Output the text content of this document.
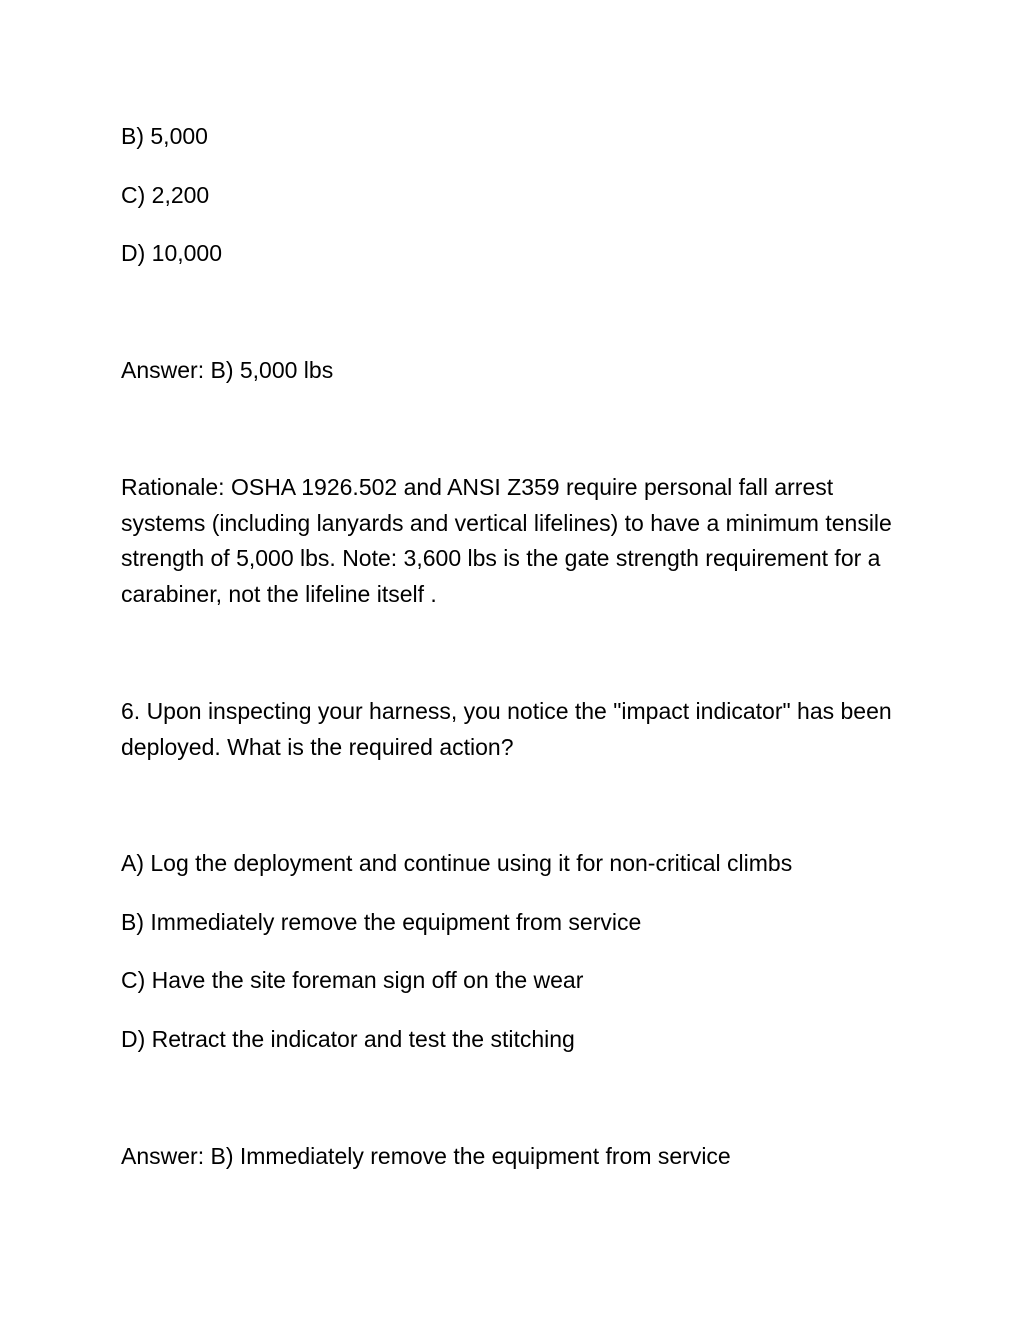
B) 5,000

C) 2,200

D) 10,000

Answer: B) 5,000 lbs

Rationale: OSHA 1926.502 and ANSI Z359 require personal fall arrest systems (including lanyards and vertical lifelines) to have a minimum tensile strength of 5,000 lbs. Note: 3,600 lbs is the gate strength requirement for a carabiner, not the lifeline itself .

6. Upon inspecting your harness, you notice the "impact indicator" has been deployed. What is the required action?

A) Log the deployment and continue using it for non-critical climbs

B) Immediately remove the equipment from service

C) Have the site foreman sign off on the wear

D) Retract the indicator and test the stitching

Answer: B) Immediately remove the equipment from service
